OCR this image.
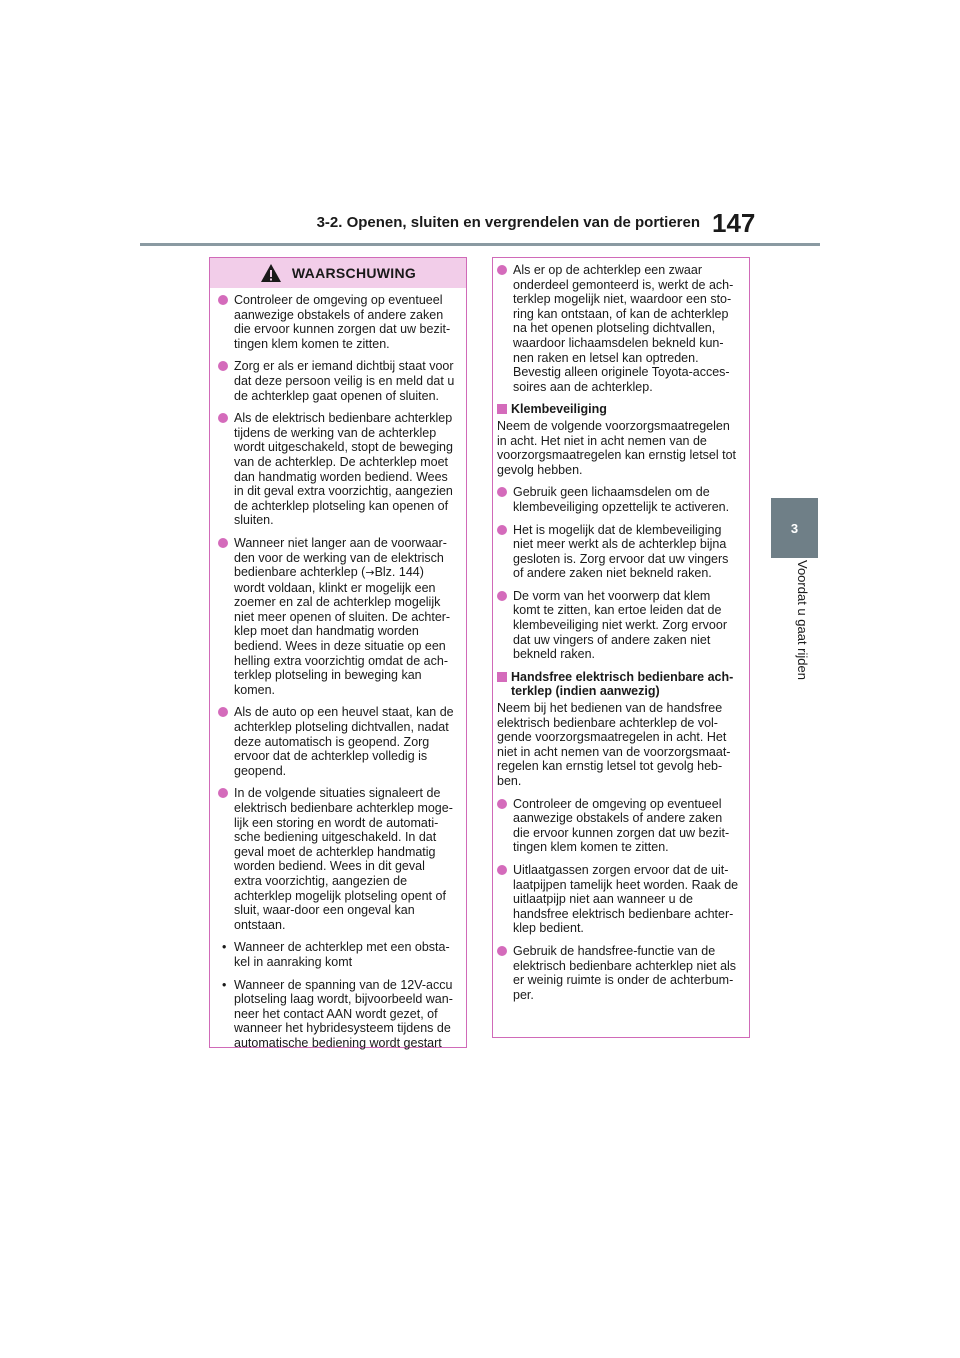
3-2. Openen, sluiten en vergrendelen van de portieren 147
3
Voordat u gaat rijden
WAARSCHUWING
Controleer de omgeving op eventueel aanwezige obstakels of andere zaken die ervoor kunnen zorgen dat uw bezit-tingen klem komen te zitten.
Zorg er als er iemand dichtbij staat voor dat deze persoon veilig is en meld dat u de achterklep gaat openen of sluiten.
Als de elektrisch bedienbare achterklep tijdens de werking van de achterklep wordt uitgeschakeld, stopt de beweging van de achterklep. De achterklep moet dan handmatig worden bediend. Wees in dit geval extra voorzichtig, aangezien de achterklep plotseling kan openen of sluiten.
Wanneer niet langer aan de voorwaar-den voor de werking van de elektrisch bedienbare achterklep (→Blz. 144) wordt voldaan, klinkt er mogelijk een zoemer en zal de achterklep mogelijk niet meer openen of sluiten. De achter-klep moet dan handmatig worden bediend. Wees in deze situatie op een helling extra voorzichtig omdat de ach-terklep plotseling in beweging kan komen.
Als de auto op een heuvel staat, kan de achterklep plotseling dichtvallen, nadat deze automatisch is geopend. Zorg ervoor dat de achterklep volledig is geopend.
In de volgende situaties signaleert de elektrisch bedienbare achterklep moge-lijk een storing en wordt de automati-sche bediening uitgeschakeld. In dat geval moet de achterklep handmatig worden bediend. Wees in dit geval extra voorzichtig, aangezien de achterklep mogelijk plotseling opent of sluit, waar-door een ongeval kan ontstaan.
• Wanneer de achterklep met een obsta-kel in aanraking komt
• Wanneer de spanning van de 12V-accu plotseling laag wordt, bijvoorbeeld wan-neer het contact AAN wordt gezet, of wanneer het hybridesysteem tijdens de automatische bediening wordt gestart
Als er op de achterklep een zwaar onderdeel gemonteerd is, werkt de ach-terklep mogelijk niet, waardoor een sto-ring kan ontstaan, of kan de achterklep na het openen plotseling dichtvallen, waardoor lichaamsdelen bekneld kun-nen raken en letsel kan optreden. Bevestig alleen originele Toyota-acces-soires aan de achterklep.
Klembeveiliging
Neem de volgende voorzorgsmaatregelen in acht. Het niet in acht nemen van de voorzorgsmaatregelen kan ernstig letsel tot gevolg hebben.
Gebruik geen lichaamsdelen om de klembeveiliging opzettelijk te activeren.
Het is mogelijk dat de klembeveiliging niet meer werkt als de achterklep bijna gesloten is. Zorg ervoor dat uw vingers of andere zaken niet bekneld raken.
De vorm van het voorwerp dat klem komt te zitten, kan ertoe leiden dat de klembeveiliging niet werkt. Zorg ervoor dat uw vingers of andere zaken niet bekneld raken.
Handsfree elektrisch bedienbare ach-terklep (indien aanwezig)
Neem bij het bedienen van de handsfree elektrisch bedienbare achterklep de vol-gende voorzorgsmaatregelen in acht. Het niet in acht nemen van de voorzorgsmaat-regelen kan ernstig letsel tot gevolg heb-ben.
Controleer de omgeving op eventueel aanwezige obstakels of andere zaken die ervoor kunnen zorgen dat uw bezit-tingen klem komen te zitten.
Uitlaatgassen zorgen ervoor dat de uit-laatpijpen tamelijk heet worden. Raak de uitlaatpijp niet aan wanneer u de handsfree elektrisch bedienbare achter-klep bedient.
Gebruik de handsfree-functie van de elektrisch bedienbare achterklep niet als er weinig ruimte is onder de achterbum-per.
